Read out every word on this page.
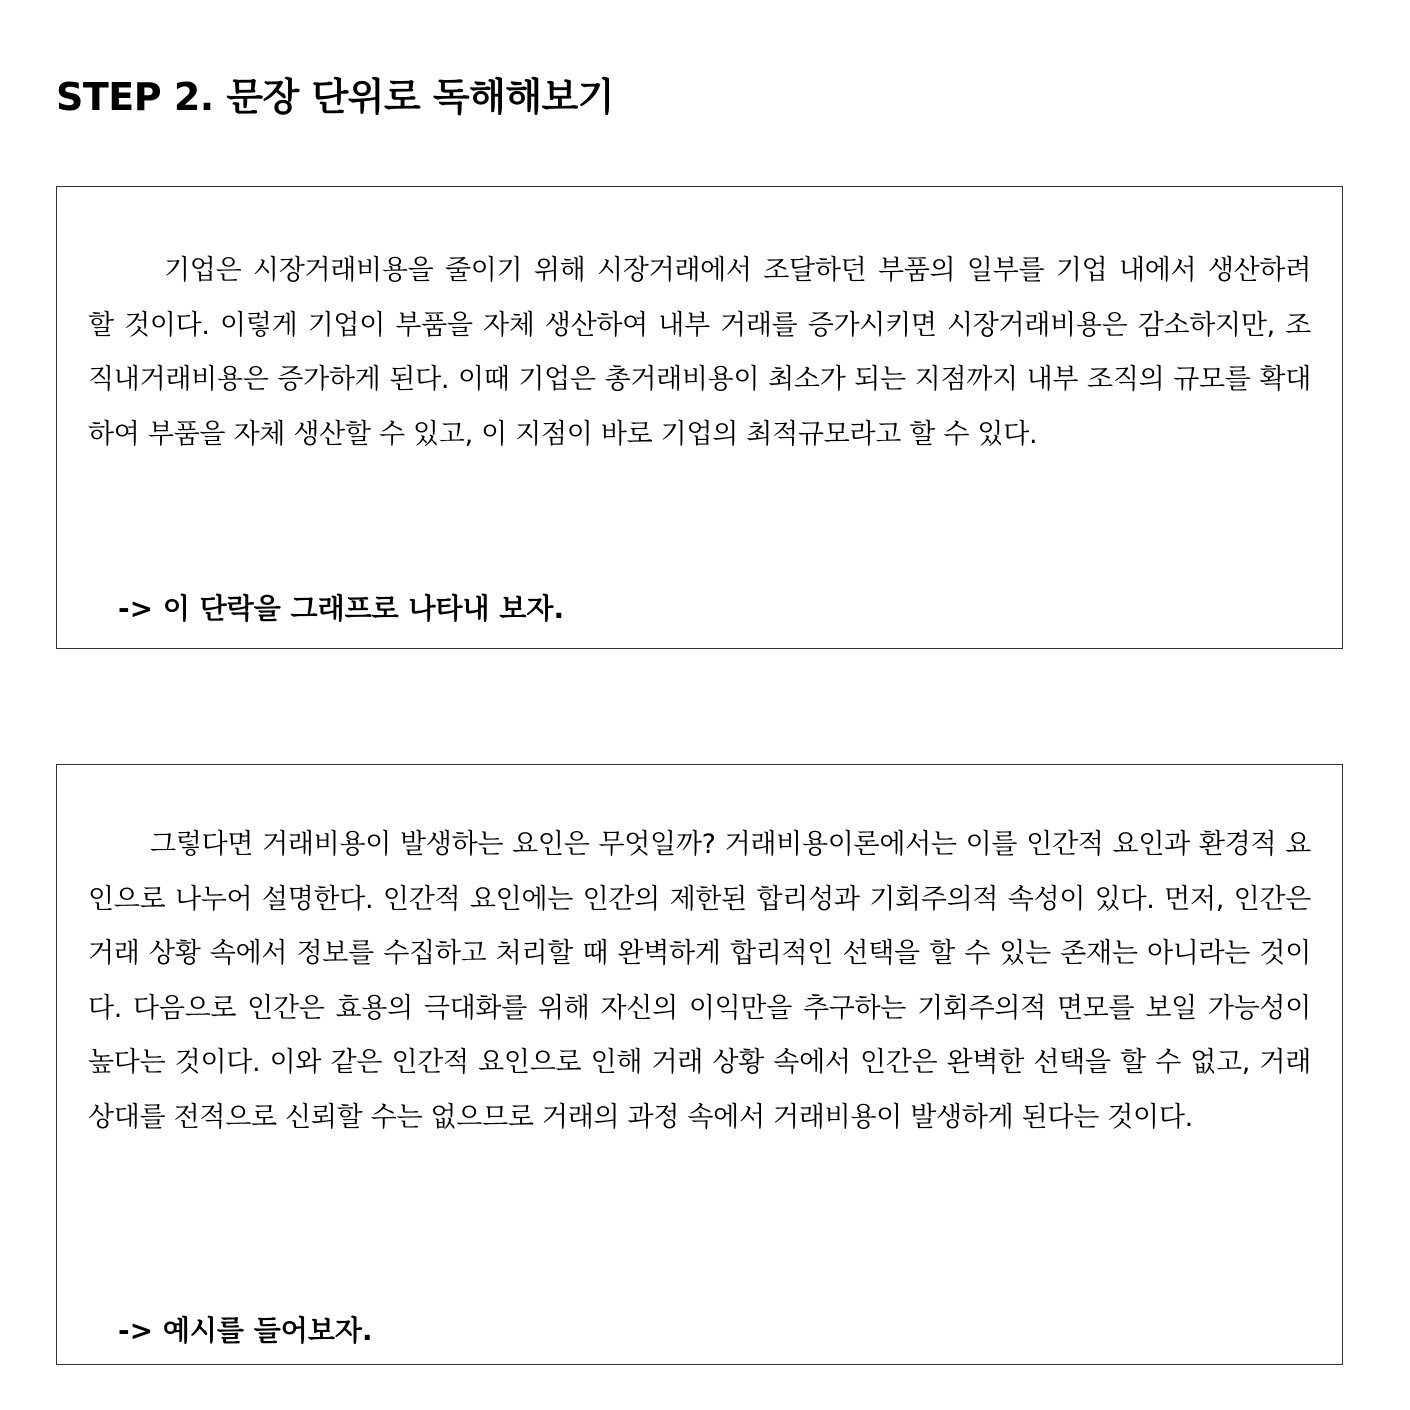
STEP 2. 문장 단위로 독해해보기

기업은 시장거래비용을 줄이기 위해 시장거래에서 조달하던 부품의 일부를 기업 내에서 생산하려 할 것이다. 이렇게 기업이 부품을 자체 생산하여 내부 거래를 증가시키면 시장거래비용은 감소하지만, 조직내거래비용은 증가하게 된다. 이때 기업은 총거래비용이 최소가 되는 지점까지 내부 조직의 규모를 확대하여 부품을 자체 생산할 수 있고, 이 지점이 바로 기업의 최적규모라고 할 수 있다.

-> 이 단락을 그래프로 나타내 보자.

그렇다면 거래비용이 발생하는 요인은 무엇일까? 거래비용이론에서는 이를 인간적 요인과 환경적 요인으로 나누어 설명한다. 인간적 요인에는 인간의 제한된 합리성과 기회주의적 속성이 있다. 먼저, 인간은 거래 상황 속에서 정보를 수집하고 처리할 때 완벽하게 합리적인 선택을 할 수 있는 존재는 아니라는 것이다. 다음으로 인간은 효용의 극대화를 위해 자신의 이익만을 추구하는 기회주의적 면모를 보일 가능성이 높다는 것이다. 이와 같은 인간적 요인으로 인해 거래 상황 속에서 인간은 완벽한 선택을 할 수 없고, 거래 상대를 전적으로 신뢰할 수는 없으므로 거래의 과정 속에서 거래비용이 발생하게 된다는 것이다.

-> 예시를 들어보자.
